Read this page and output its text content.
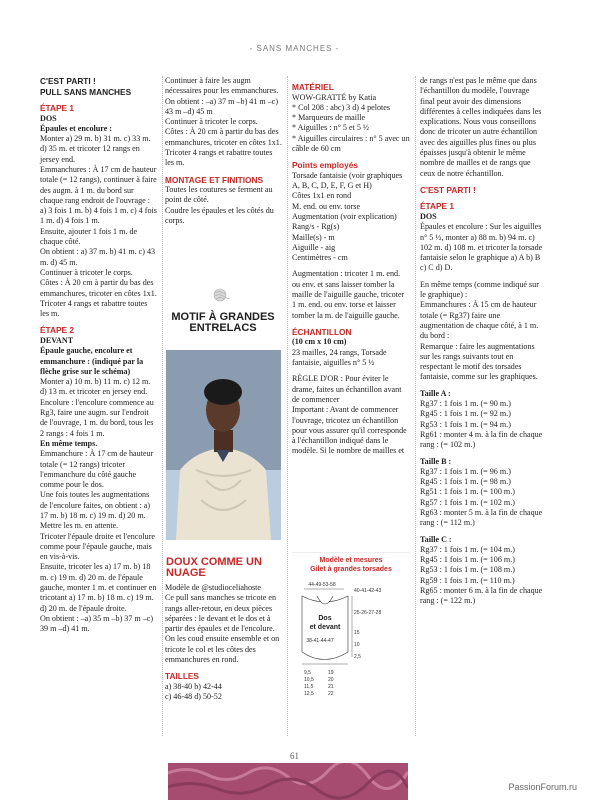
- SANS MANCHES -

C'EST PARTI !

PULL SANS MANCHES

ÉTAPE 1

DOS

Épaules et encolure :

Monter a) 29 m. b) 31 m. c) 33 m. d) 35 m. et tricoter 12 rangs en jersey end.

Emmanchures : À 17 cm de hauteur totale (= 12 rangs), continuer à faire des augm. à 1 m. du bord sur chaque rang endroit de l'ouvrage : a) 3 fois 1 m. b) 4 fois 1 m. c) 4 fois 1 m. d) 4 fois 1 m.

Ensuite, ajouter 1 fois 1 m. de chaque côté.

On obtient : a) 37 m. b) 41 m. c) 43 m. d) 45 m.

Continuer à tricoter le corps.

Côtes : À 20 cm à partir du bas des emmanchures, tricoter en côtes 1x1. Tricoter 4 rangs et rabattre toutes les m.

ÉTAPE 2

DEVANT

Épaule gauche, encolure et emmanchure : (indiqué par la flèche grise sur le schéma)

Monter a) 10 m. b) 11 m. c) 12 m. d) 13 m. et tricoter en jersey end.

Encolure : l'encolure commence au Rg3, faire une augm. sur l'endroit de l'ouvrage, 1 m. du bord, tous les 2 rangs : 4 fois 1 m.

En même temps.

Emmanchure : À 17 cm de hauteur totale (= 12 rangs) tricoter l'emmanchure du côté gauche comme pour le dos.

Une fois toutes les augmentations de l'encolure faites, on obtient : a) 17 m. b) 18 m. c) 19 m. d) 20 m.

Mettre les m. en attente.

Tricoter l'épaule droite et l'encolure comme pour l'épaule gauche, mais en vis-à-vis.

Ensuite, tricoter les a) 17 m. b) 18 m. c) 19 m. d) 20 m. de l'épaule gauche, monter 1 m. et continuer en tricotant a) 17 m. b) 18 m. c) 19 m. d) 20 m. de l'épaule droite.

On obtient : –a) 35 m –b) 37 m –c) 39 m –d) 41 m.

Continuer à faire les augm nécessaires pour les emmanchures.

On obtient : –a) 37 m –b) 41 m –c) 43 m –d) 45 m

Continuer à tricoter le corps.

Côtes : À 20 cm à partir du bas des emmanchures, tricoter en côtes 1x1.

Tricoter 4 rangs et rabattre toutes les m.

MONTAGE ET FINITIONS

Toutes les coutures se ferment au point de côté.

Coudre les épaules et les côtés du corps.

MATÉRIEL

WOW-GRATTÉ by Katia

* Col 208 : abc) 3 d) 4 pelotes

* Marqueurs de maille

* Aiguilles : n° 5 et 5 ½

* Aiguilles circulaires : n° 5 avec un câble de 60 cm

Points employés

Torsade fantaisie (voir graphiques A, B, C, D, E, F, G et H)

Côtes 1x1 en rond

M. end. ou env. torse

Augmentation (voir explication)

Rang/s - Rg(s)

Maille(s) - m

Aiguille - aig

Centimètres - cm

Augmentation : tricoter 1 m. end. ou env. et sans laisser tomber la maille de l'aiguille gauche, tricoter 1 m. end. ou env. torse et laisser tomber la m. de l'aiguille gauche.

ÉCHANTILLON

(10 cm x 10 cm)

23 mailles, 24 rangs, Torsade fantaisie, aiguilles n° 5 ½

RÈGLE D'OR : Pour éviter le drame, faites un échantillon avant de commencer

Important : Avant de commencer l'ouvrage, tricotez un échantillon pour vous assurer qu'il corresponde à l'échantillon indiqué dans le modèle. Si le nombre de mailles et

de rangs n'est pas le même que dans l'échantillon du modèle, l'ouvrage final peut avoir des dimensions différentes à celles indiquées dans les explications. Nous vous conseillons donc de tricoter un autre échantillon avec des aiguilles plus fines ou plus épaisses jusqu'à obtenir le même nombre de mailles et de rangs que ceux de notre échantillon.

C'EST PARTI !

ÉTAPE 1

DOS

Épaules et encolure : Sur les aiguilles n° 5 ½, monter a) 88 m. b) 94 m. c) 102 m. d) 108 m. et tricoter la torsade fantaisie selon le graphique a) A b) B c) C d) D.

En même temps (comme indiqué sur le graphique) :

Emmanchures : À 15 cm de hauteur totale (= Rg37) faire une augmentation de chaque côté, à 1 m. du bord :

Remarque : faire les augmentations sur les rangs suivants tout en respectant le motif des torsades fantaisie, comme sur les graphiques.

Taille A :

Rg37 : 1 fois 1 m. (= 90 m.)

Rg45 : 1 fois 1 m. (= 92 m.)

Rg53 : 1 fois 1 m. (= 94 m.)

Rg61 : monter 4 m. à la fin de chaque rang : (= 102 m.)

Taille B :

Rg37 : 1 fois 1 m. (= 96 m.)

Rg45 : 1 fois 1 m. (= 98 m.)

Rg51 : 1 fois 1 m. (= 100 m.)

Rg57 : 1 fois 1 m. (= 102 m.)

Rg63 : monter 5 m. à la fin de chaque rang : (= 112 m.)

Taille C :

Rg37 : 1 fois 1 m. (= 104 m.)

Rg45 : 1 fois 1 m. (= 106 m.)

Rg53 : 1 fois 1 m. (= 108 m.)

Rg59 : 1 fois 1 m. (= 110 m.)

Rg65 : monter 6 m. à la fin de chaque rang : (= 122 m.)

MOTIF À GRANDES ENTRELACS
DOUX COMME UN NUAGE

Modèle de @studioceliahoste

Ce pull sans manches se tricote en rangs aller-retour, en deux pièces séparées : le devant et le dos et à partir des épaules et de l'encolure. On les coud ensuite ensemble et on tricote le col et les côtes des emmanchures en rond.

TAILLES

a) 38-40 b) 42-44

c) 46-48 d) 50-52

Modèle et mesures
Gilet à grandes torsades
44-49-53-58
Dos
et devant
38-41-44-47
40-41-42-43
25-26-27-28
15
10
2,5
9,5
10,5
11,5
12,5
19
20
21
22
61
PassionForum.ru
